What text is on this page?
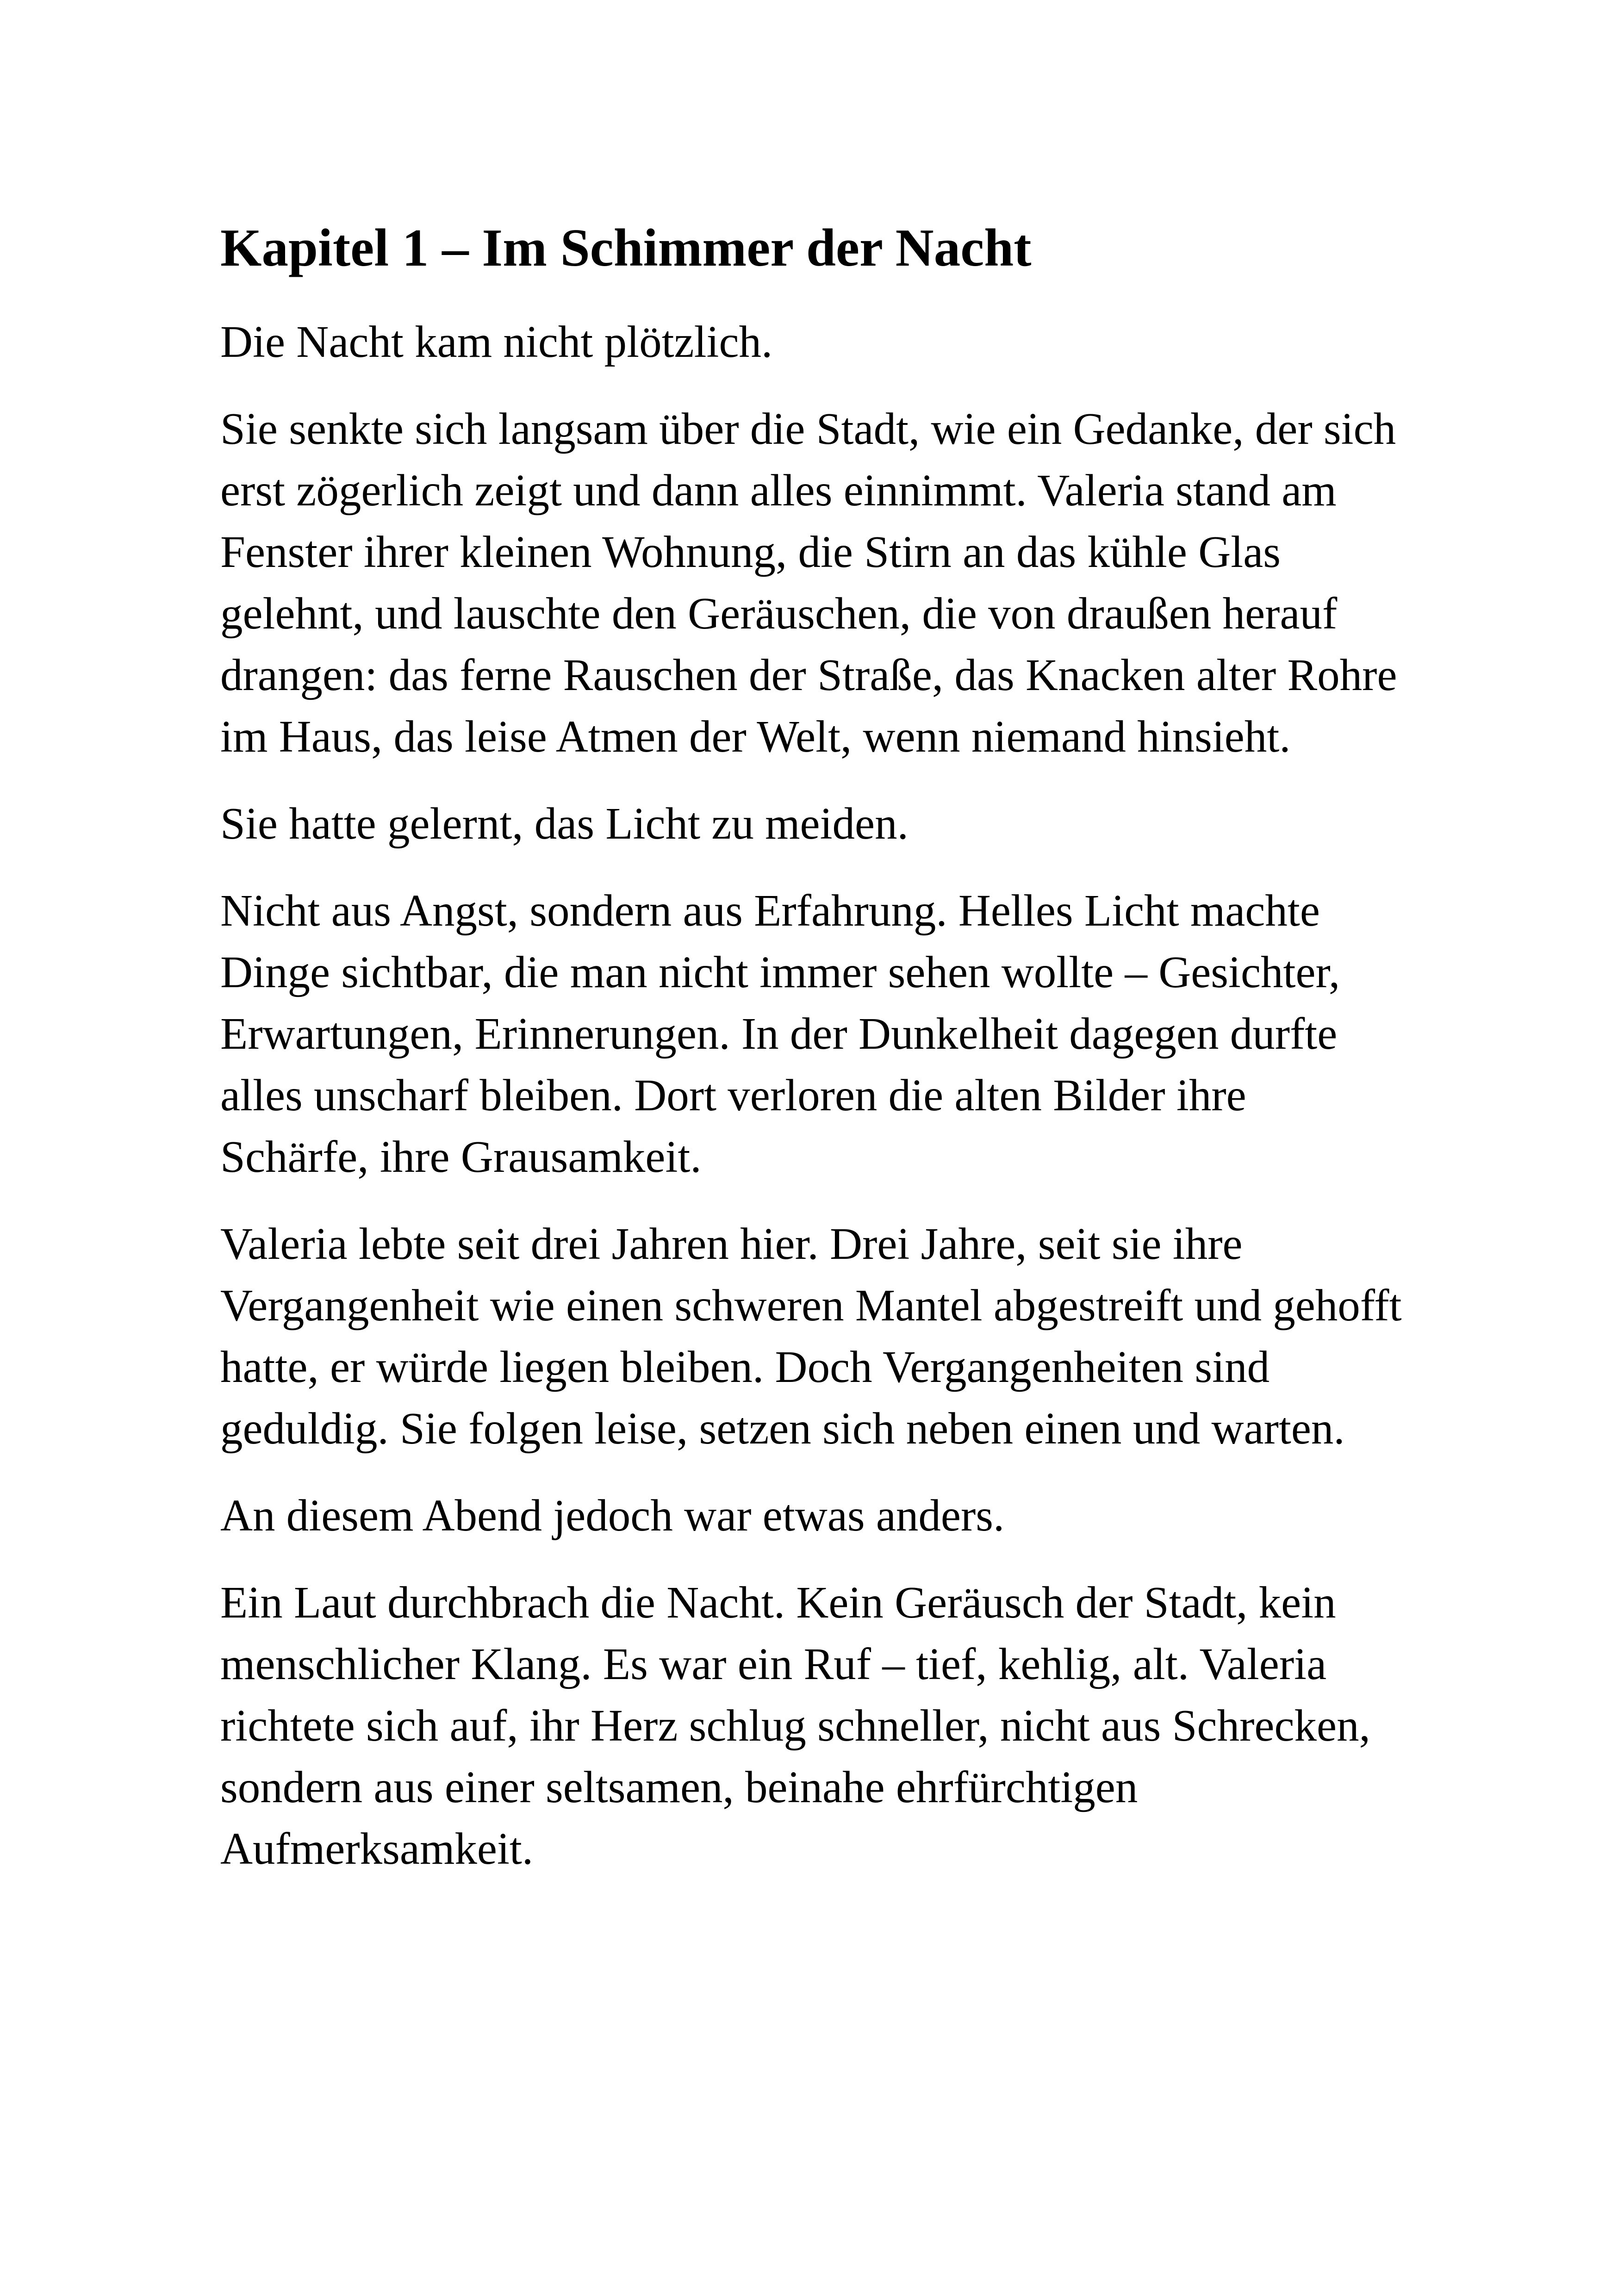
Kapitel 1 – Im Schimmer der Nacht

Die Nacht kam nicht plötzlich.

Sie senkte sich langsam über die Stadt, wie ein Gedanke, der sich erst zögerlich zeigt und dann alles einnimmt. Valeria stand am Fenster ihrer kleinen Wohnung, die Stirn an das kühle Glas gelehnt, und lauschte den Geräuschen, die von draußen herauf drangen: das ferne Rauschen der Straße, das Knacken alter Rohre im Haus, das leise Atmen der Welt, wenn niemand hinsieht.

Sie hatte gelernt, das Licht zu meiden.

Nicht aus Angst, sondern aus Erfahrung. Helles Licht machte Dinge sichtbar, die man nicht immer sehen wollte – Gesichter, Erwartungen, Erinnerungen. In der Dunkelheit dagegen durfte alles unscharf bleiben. Dort verloren die alten Bilder ihre Schärfe, ihre Grausamkeit.

Valeria lebte seit drei Jahren hier. Drei Jahre, seit sie ihre Vergangenheit wie einen schweren Mantel abgestreift und gehofft hatte, er würde liegen bleiben. Doch Vergangenheiten sind geduldig. Sie folgen leise, setzen sich neben einen und warten.

An diesem Abend jedoch war etwas anders.

Ein Laut durchbrach die Nacht. Kein Geräusch der Stadt, kein menschlicher Klang. Es war ein Ruf – tief, kehlig, alt. Valeria richtete sich auf, ihr Herz schlug schneller, nicht aus Schrecken, sondern aus einer seltsamen, beinahe ehrfürchtigen Aufmerksamkeit.
